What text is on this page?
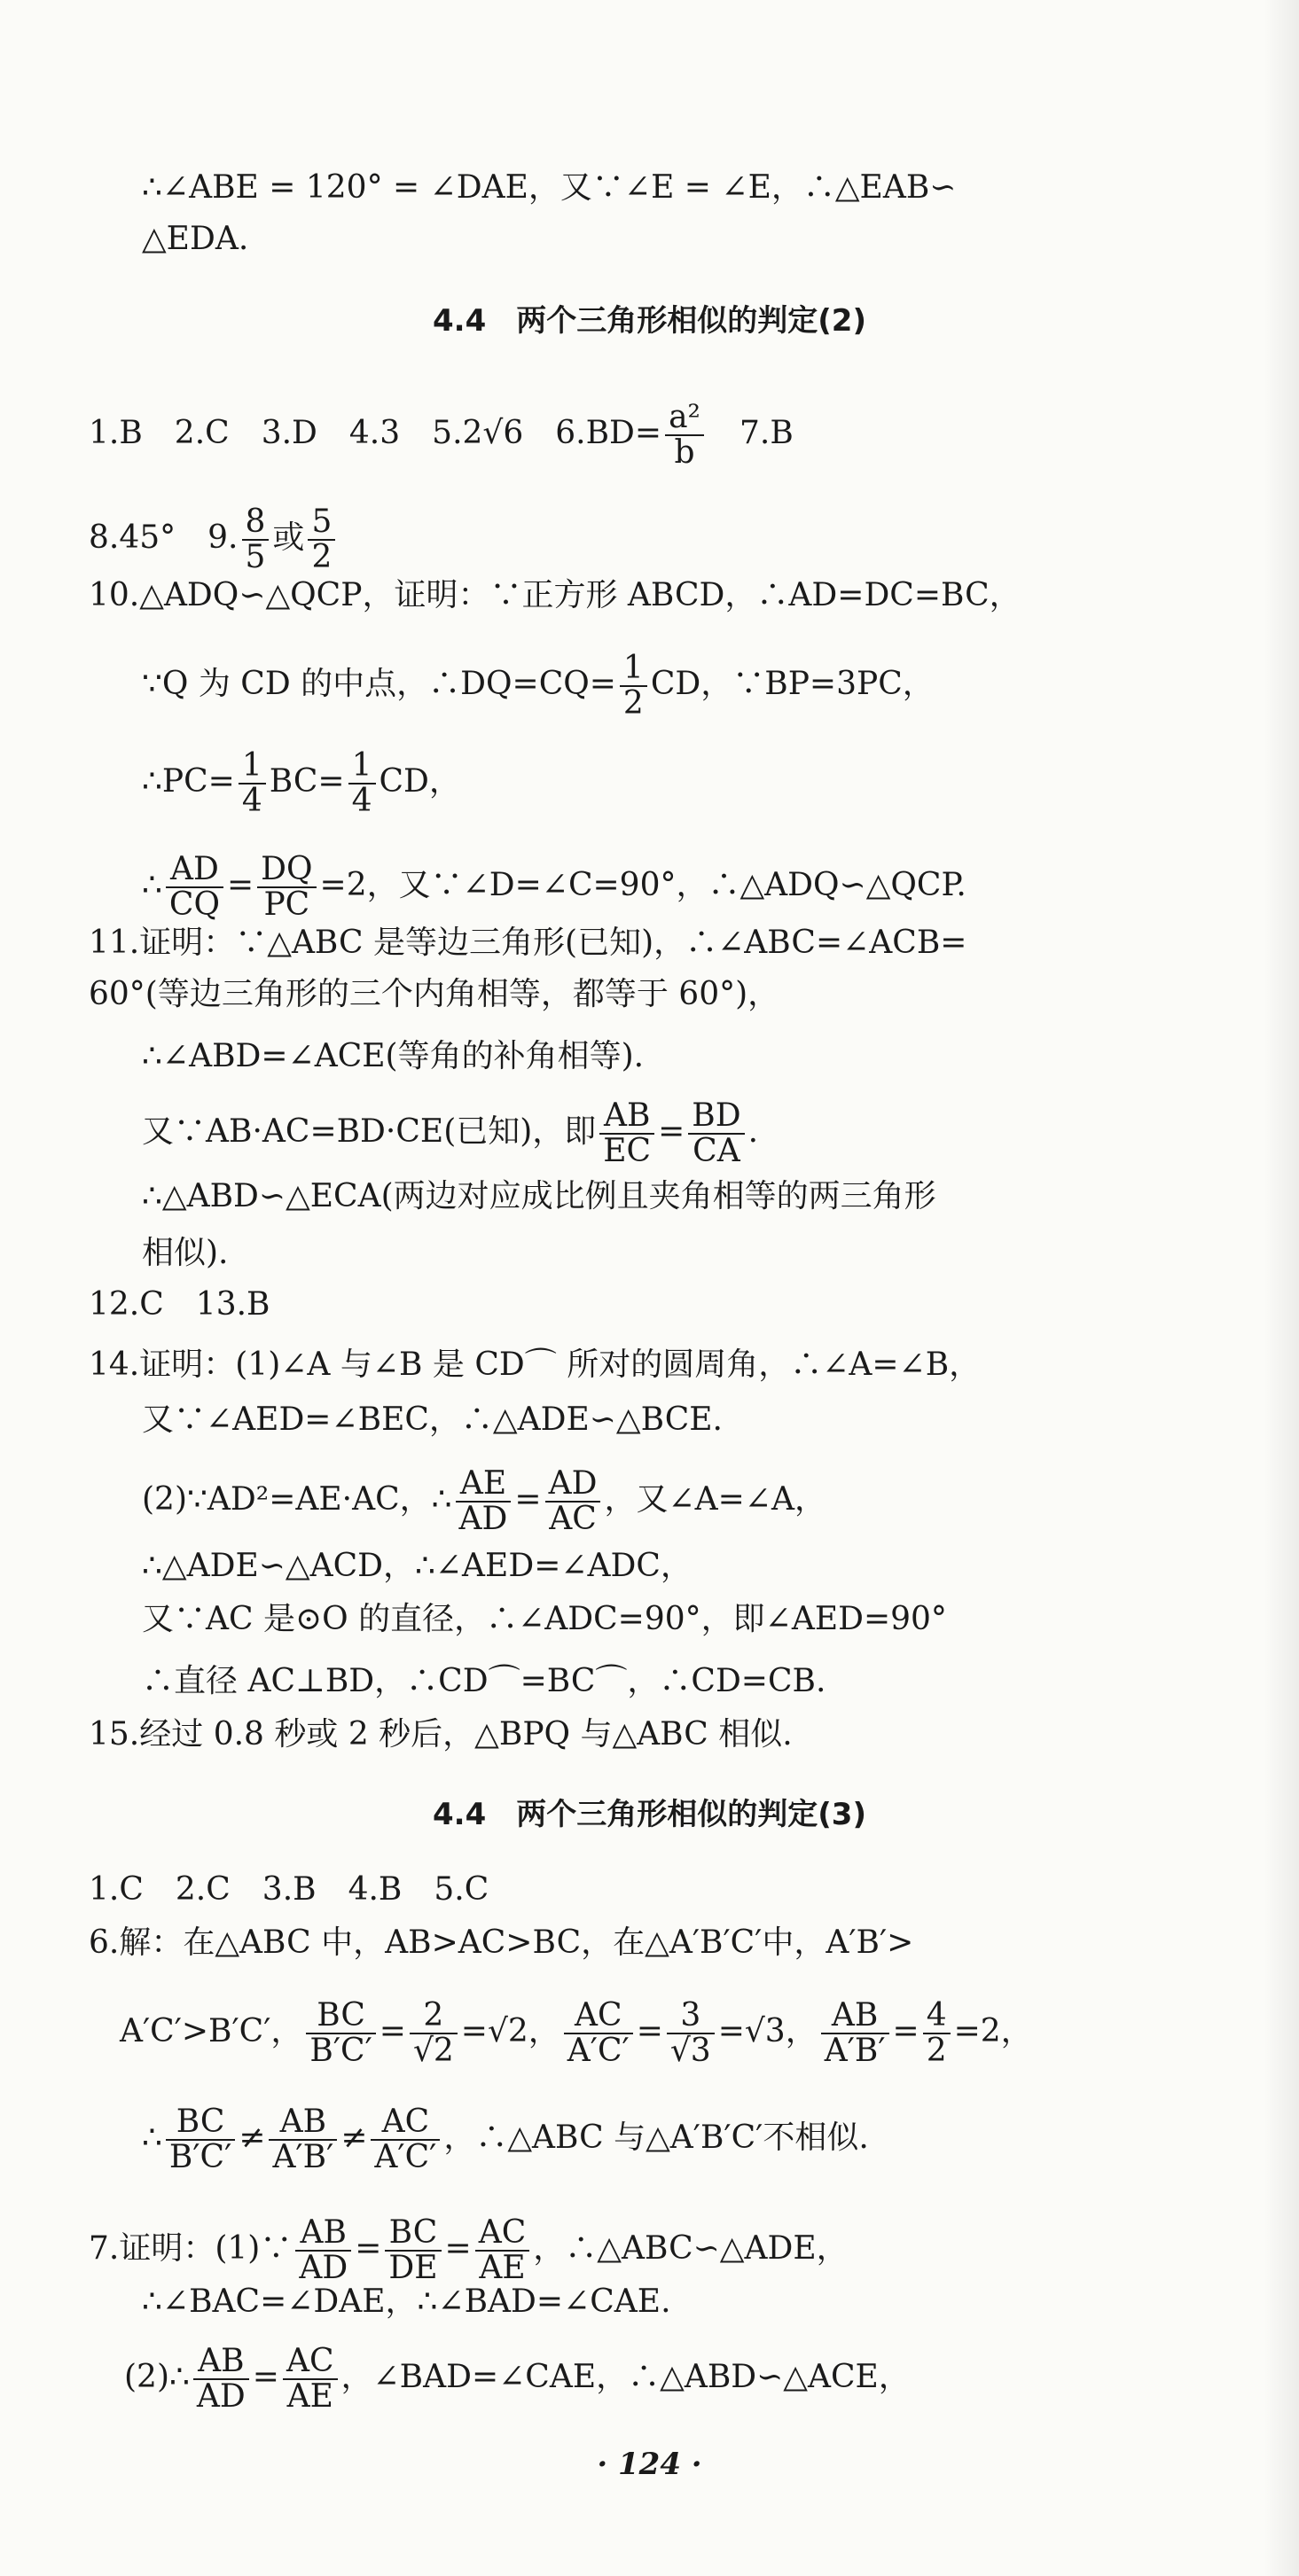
∴∠ABE = 120° = ∠DAE，又∵∠E = ∠E，∴△EAB∽
△EDA.
4.4　两个三角形相似的判定(2)
1.B　2.C　3.D　4.3　5.2√6　$6.BD= \frac{\text{a²}}{b}$ 　7.B
8.45°　9. $\frac{8}{5}$ 或 $\frac{5}{2}$
10.△ADQ∽△QCP，证明：∵正方形 ABCD，∴AD=DC=BC，
∵Q 为 CD 的中点，∴DQ=CQ= $\frac{1}{2}$ CD，∵BP=3PC，
∴PC= $\frac{1}{4} BC= \frac{1}{4}$ CD，
∴ $\frac{AD}{CQ} = \frac{DQ}{PC} =2$，又∵∠D=∠C=90°，∴△ADQ∽△QCP.
11.证明：∵△ABC 是等边三角形(已知)，∴∠ABC=∠ACB=
60°(等边三角形的三个内角相等，都等于 60°)，
∴∠ABD=∠ACE(等角的补角相等).
又∵AB·AC=BD·CE(已知)，即 $\frac{AB}{EC} = \frac{BD}{CA}$ .
∴△ABD∽△ECA(两边对应成比例且夹角相等的两三角形
相似).
12.C　13.B
14.证明：(1)∠A 与∠B 是 CD⌒ 所对的圆周角，∴∠A=∠B，
又∵∠AED=∠BEC，∴△ADE∽△BCE.
(2)∵AD²=AE·AC，∴ $\frac{AE}{AD} = \frac{AD}{AC}$ ，又∠A=∠A，
∴△ADE∽△ACD，∴∠AED=∠ADC，
又∵AC 是⊙O 的直径，∴∠ADC=90°，即∠AED=90°
∴直径 AC⊥BD，∴CD⌒=BC⌒，∴CD=CB.
15.经过 0.8 秒或 2 秒后，△BPQ 与△ABC 相似.
4.4　两个三角形相似的判定(3)
1.C　2.C　3.B　4.B　5.C
6.解：在△ABC 中，AB>AC>BC，在△A′B′C′中，A′B′>
A′C′>B′C′， $\frac{BC}{B'C'} = \frac{2}{√2} =√2$， $\frac{AC}{A'C'} = \frac{3}{√3} =√3$， $\frac{AB}{A'B'} = \frac{4}{2} =2$，
∴ $\frac{BC}{B'C'} \ne \frac{AB}{A'B'} \ne \frac{AC}{A'C'}$ ，∴△ABC 与△A′B′C′不相似.
7.证明：(1)∵ $\frac{AB}{AD} = \frac{BC}{DE} = \frac{AC}{AE}$ ，∴△ABC∽△ADE，
∴∠BAC=∠DAE，∴∠BAD=∠CAE.
(2)∴ $\frac{AB}{AD} = \frac{AC}{AE}$ ，∠BAD=∠CAE，∴△ABD∽△ACE，
· 124 ·
